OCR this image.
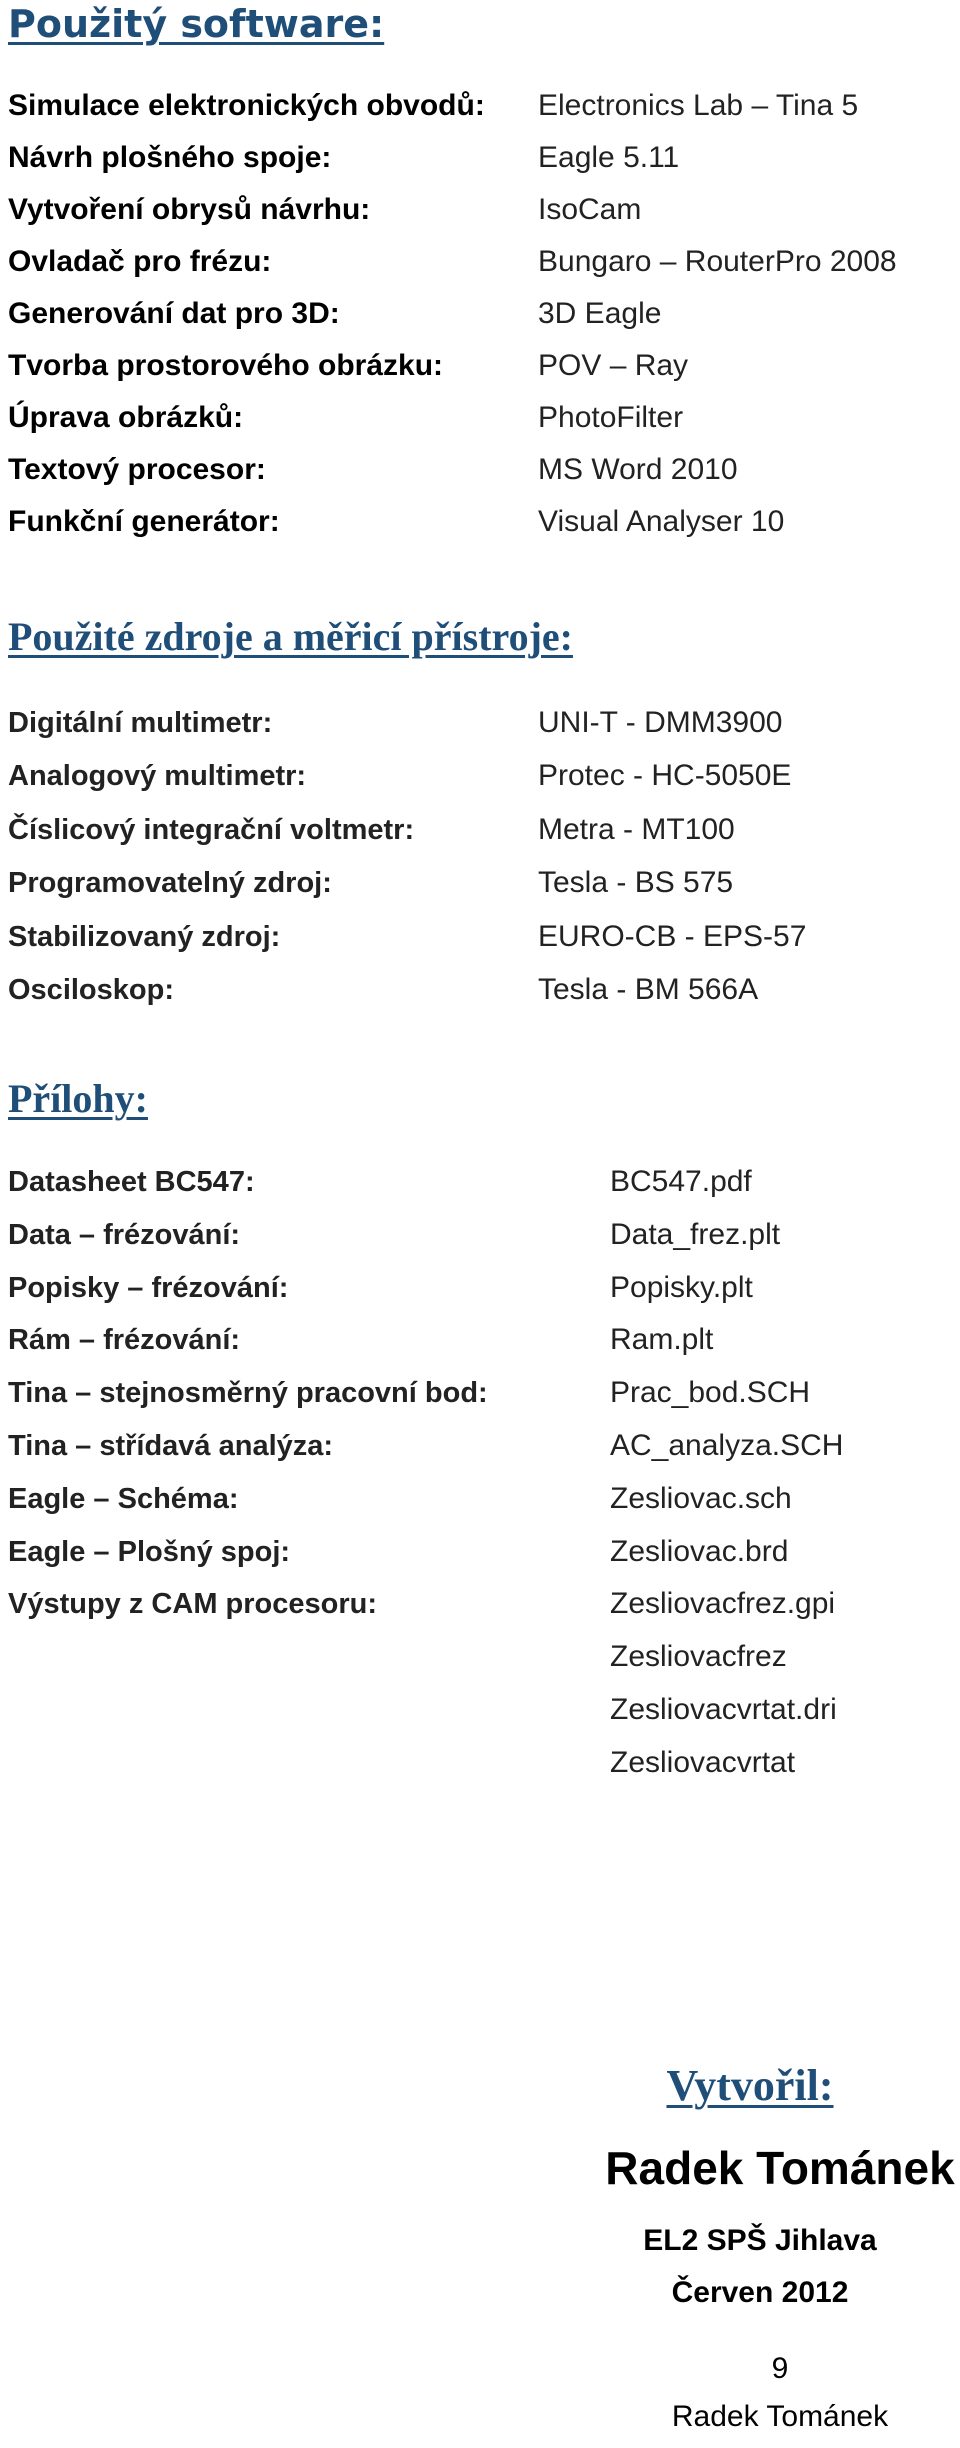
Použitý software:
Simulace elektronických obvodů: Electronics Lab – Tina 5
Návrh plošného spoje:	Eagle 5.11
Vytvoření obrysů návrhu:	IsoCam
Ovladač pro frézu:	Bungaro – RouterPro 2008
Generování dat pro 3D:	3D Eagle
Tvorba prostorového obrázku:	POV – Ray
Úprava obrázků:	PhotoFilter
Textový procesor:	MS Word 2010
Funkční generátor:	Visual Analyser 10
Použité zdroje a měřicí přístroje:
Digitální multimetr:	UNI-T - DMM3900
Analogový multimetr:	Protec - HC-5050E
Číslicový integrační voltmetr:	Metra - MT100
Programovatelný zdroj:	Tesla - BS 575
Stabilizovaný zdroj:	EURO-CB - EPS-57
Osciloskop:	Tesla - BM 566A
Přílohy:
Datasheet BC547:	BC547.pdf
Data – frézování:	Data_frez.plt
Popisky – frézování:	Popisky.plt
Rám – frézování:	Ram.plt
Tina – stejnosměrný pracovní bod:	Prac_bod.SCH
Tina – střídavá analýza:	AC_analyza.SCH
Eagle – Schéma:	Zesliovac.sch
Eagle – Plošný spoj:	Zesliovac.brd
Výstupy z CAM procesoru:	Zesliovacfrez.gpi
Zesliovacfrez
Zesliovacvrtat.dri
Zesliovacvrtat
Vytvořil:
Radek Tománek
EL2 SPŠ Jihlava
Červen 2012
9
Radek Tománek
